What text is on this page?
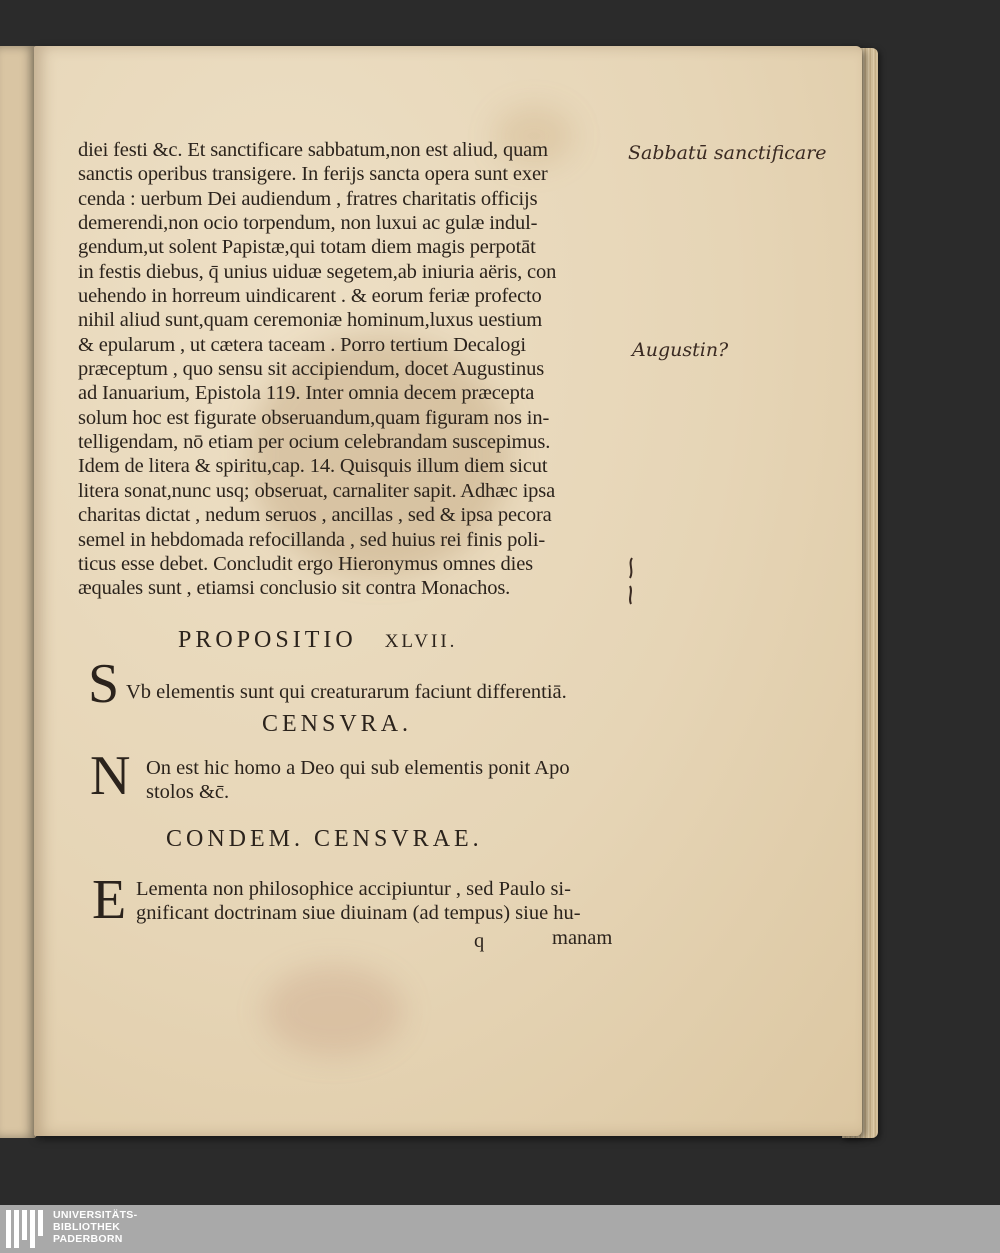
diei festi &c. Et sanctificare sabbatum,non est aliud, quam
sanctis operibus transigere. In ferijs sancta opera sunt exer
cenda : uerbum Dei audiendum , fratres charitatis officijs
demerendi,non ocio torpendum, non luxui ac gulæ indul-
gendum,ut solent Papistæ,qui totam diem magis perpotāt
in festis diebus, q̄ unius uiduæ segetem,ab iniuria aëris, con
uehendo in horreum uindicarent . & eorum feriæ profecto
nihil aliud sunt,quam ceremoniæ hominum,luxus uestium
& epularum , ut cætera taceam . Porro tertium Decalogi
præceptum , quo sensu sit accipiendum, docet Augustinus
ad Ianuarium, Epistola 119. Inter omnia decem præcepta
solum hoc est figurate obseruandum,quam figuram nos in-
telligendam, nō etiam per ocium celebrandam suscepimus.
Idem de litera & spiritu,cap. 14. Quisquis illum diem sicut
litera sonat,nunc usq; obseruat, carnaliter sapit. Adhæc ipsa
charitas dictat , nedum seruos , ancillas , sed & ipsa pecora
semel in hebdomada refocillanda , sed huius rei finis poli-
ticus esse debet. Concludit ergo Hieronymus omnes dies
æquales sunt , etiamsi conclusio sit contra Monachos.
PROPOSITIO XLVII.
S Vb elementis sunt qui creaturarum faciunt differentiā.
CENSVRA.
N On est hic homo a Deo qui sub elementis ponit Apo
stolos &c̄.
CONDEM. CENSVRAE.
E Lementa non philosophice accipiuntur , sed Paulo si-
gnificant doctrinam siue diuinam (ad tempus) siue hu-
q	manam
Sabbatū sanctificare
Augustin?
UNIVERSITÄTS-
BIBLIOTHEK
PADERBORN
